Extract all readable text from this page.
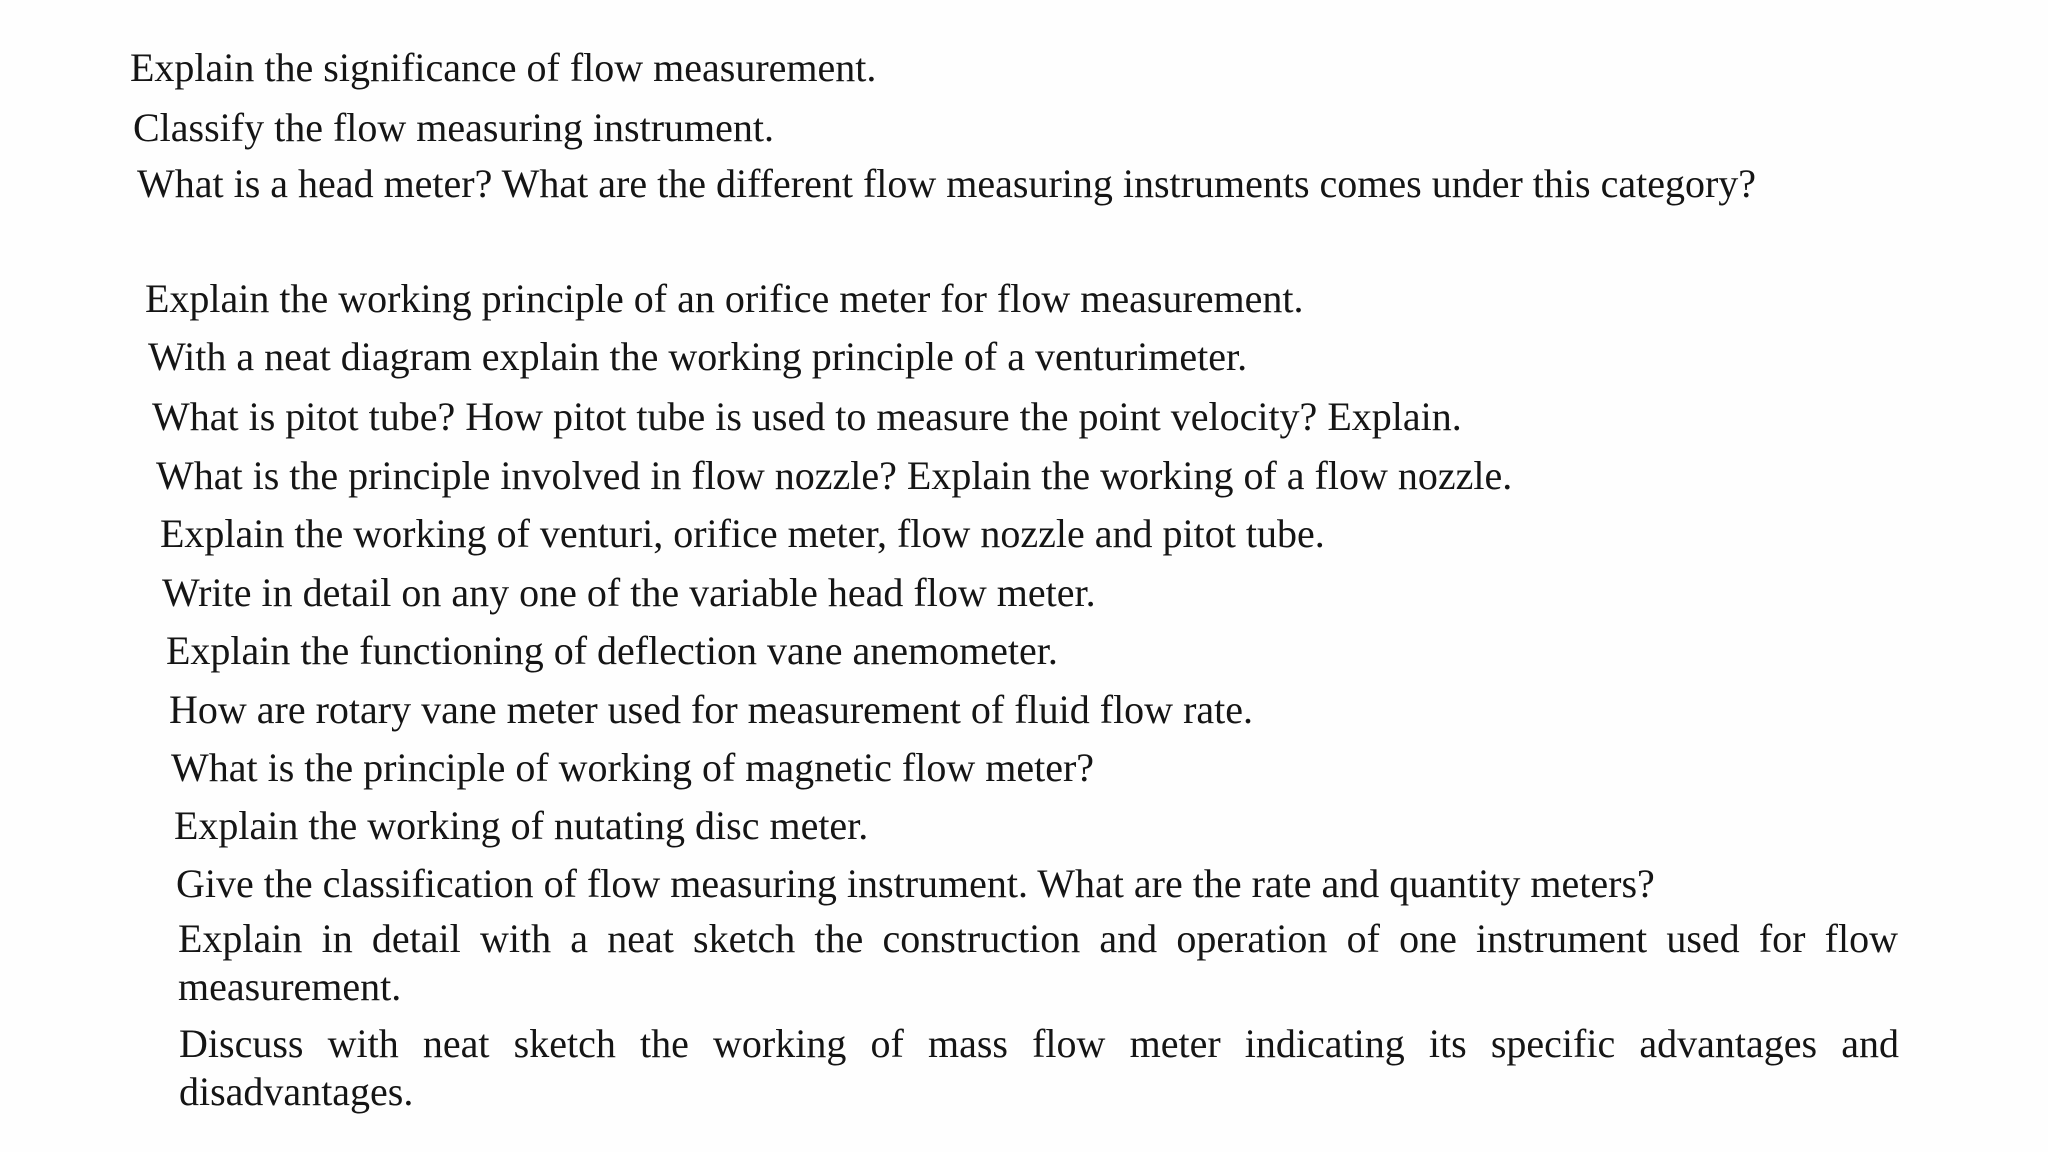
Explain the significance of flow measurement.

Classify the flow measuring instrument.

What is a head meter? What are the different flow measuring instruments comes under this category?

Explain the working principle of an orifice meter for flow measurement.

With a neat diagram explain the working principle of a venturimeter.

What is pitot tube? How pitot tube is used to measure the point velocity? Explain.

What is the principle involved in flow nozzle? Explain the working of a flow nozzle.

Explain the working of venturi, orifice meter, flow nozzle and pitot tube.

Write in detail on any one of the variable head flow meter.

Explain the functioning of deflection vane anemometer.

How are rotary vane meter used for measurement of fluid flow rate.

What is the principle of working of magnetic flow meter?

Explain the working of nutating disc meter.

Give the classification of flow measuring instrument. What are the rate and quantity meters?

Explain in detail with a neat sketch the construction and operation of one instrument used for flow measurement.

Discuss with neat sketch the working of mass flow meter indicating its specific advantages and disadvantages.
